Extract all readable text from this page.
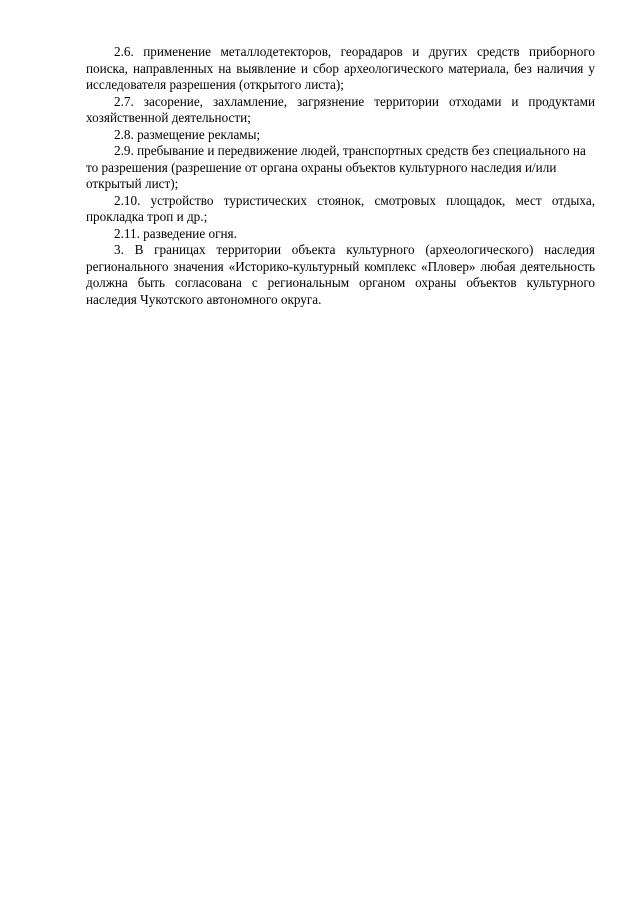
2.6. применение металлодетекторов, георадаров и других средств приборного поиска, направленных на выявление и сбор археологического материала, без наличия у исследователя разрешения (открытого листа);

2.7. засорение, захламление, загрязнение территории отходами и продуктами хозяйственной деятельности;

2.8. размещение рекламы;

2.9. пребывание и передвижение людей, транспортных средств без специального на то разрешения (разрешение от органа охраны объектов культурного наследия и/или открытый лист);

2.10. устройство туристических стоянок, смотровых площадок, мест отдыха, прокладка троп и др.;

2.11. разведение огня.

3. В границах территории объекта культурного (археологического) наследия регионального значения «Историко-культурный комплекс «Пловер» любая деятельность должна быть согласована с региональным органом охраны объектов культурного наследия Чукотского автономного округа.
